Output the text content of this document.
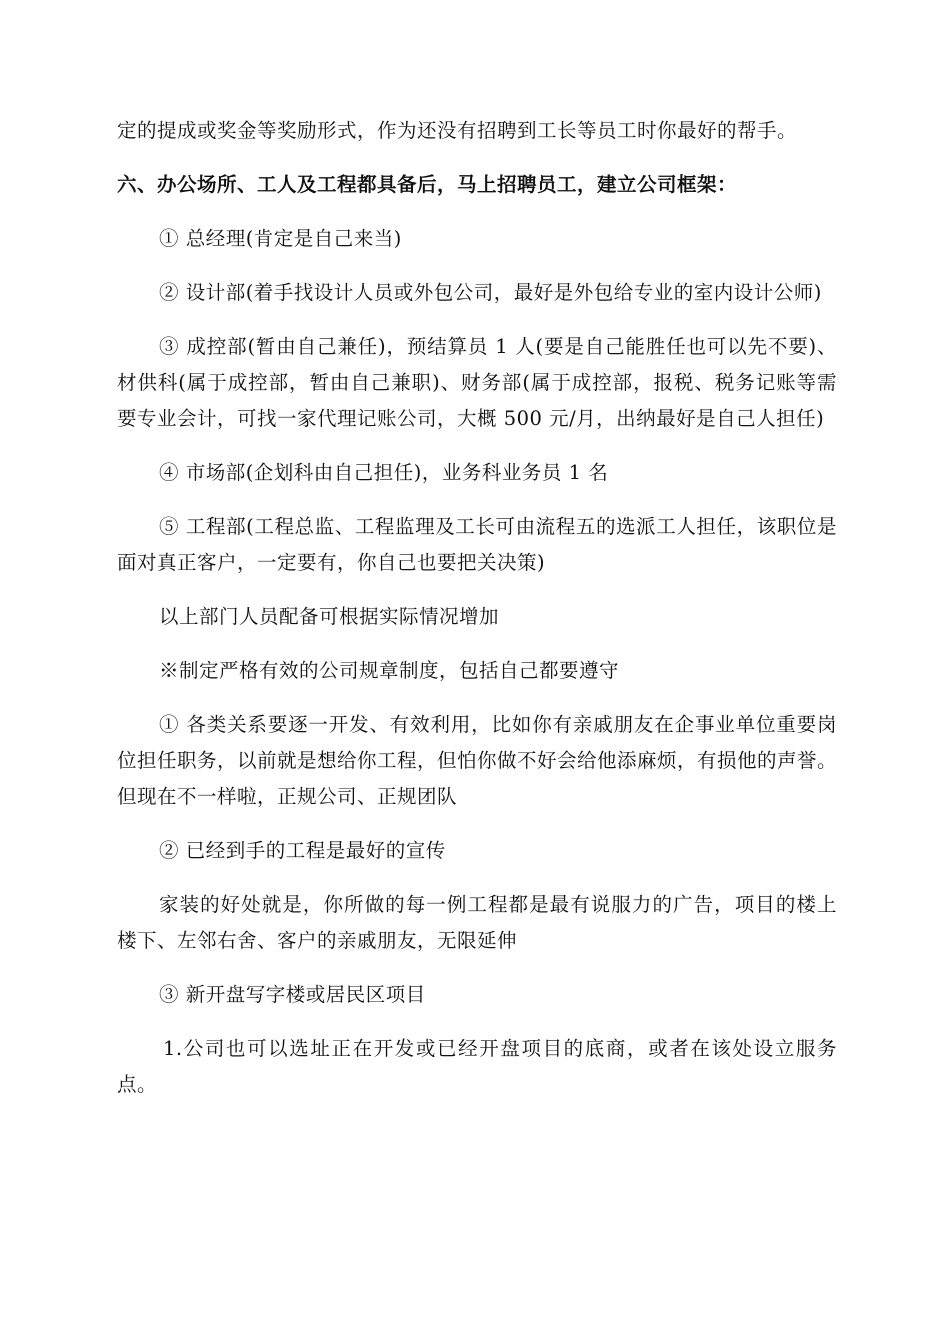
定的提成或奖金等奖励形式，作为还没有招聘到工长等员工时你最好的帮手。

六、办公场所、工人及工程都具备后，马上招聘员工，建立公司框架：

① 总经理(肯定是自己来当)

② 设计部(着手找设计人员或外包公司，最好是外包给专业的室内设计公师)

③ 成控部(暂由自己兼任)，预结算员 1 人(要是自己能胜任也可以先不要)、材供科(属于成控部，暂由自己兼职)、财务部(属于成控部，报税、税务记账等需要专业会计，可找一家代理记账公司，大概 500 元/月，出纳最好是自己人担任)

④ 市场部(企划科由自己担任)，业务科业务员 1 名

⑤ 工程部(工程总监、工程监理及工长可由流程五的选派工人担任，该职位是面对真正客户，一定要有，你自己也要把关决策)

以上部门人员配备可根据实际情况增加

※制定严格有效的公司规章制度，包括自己都要遵守

① 各类关系要逐一开发、有效利用，比如你有亲戚朋友在企事业单位重要岗位担任职务，以前就是想给你工程，但怕你做不好会给他添麻烦，有损他的声誉。但现在不一样啦，正规公司、正规团队

② 已经到手的工程是最好的宣传

家装的好处就是，你所做的每一例工程都是最有说服力的广告，项目的楼上楼下、左邻右舍、客户的亲戚朋友，无限延伸

③ 新开盘写字楼或居民区项目

1.公司也可以选址正在开发或已经开盘项目的底商，或者在该处设立服务点。
